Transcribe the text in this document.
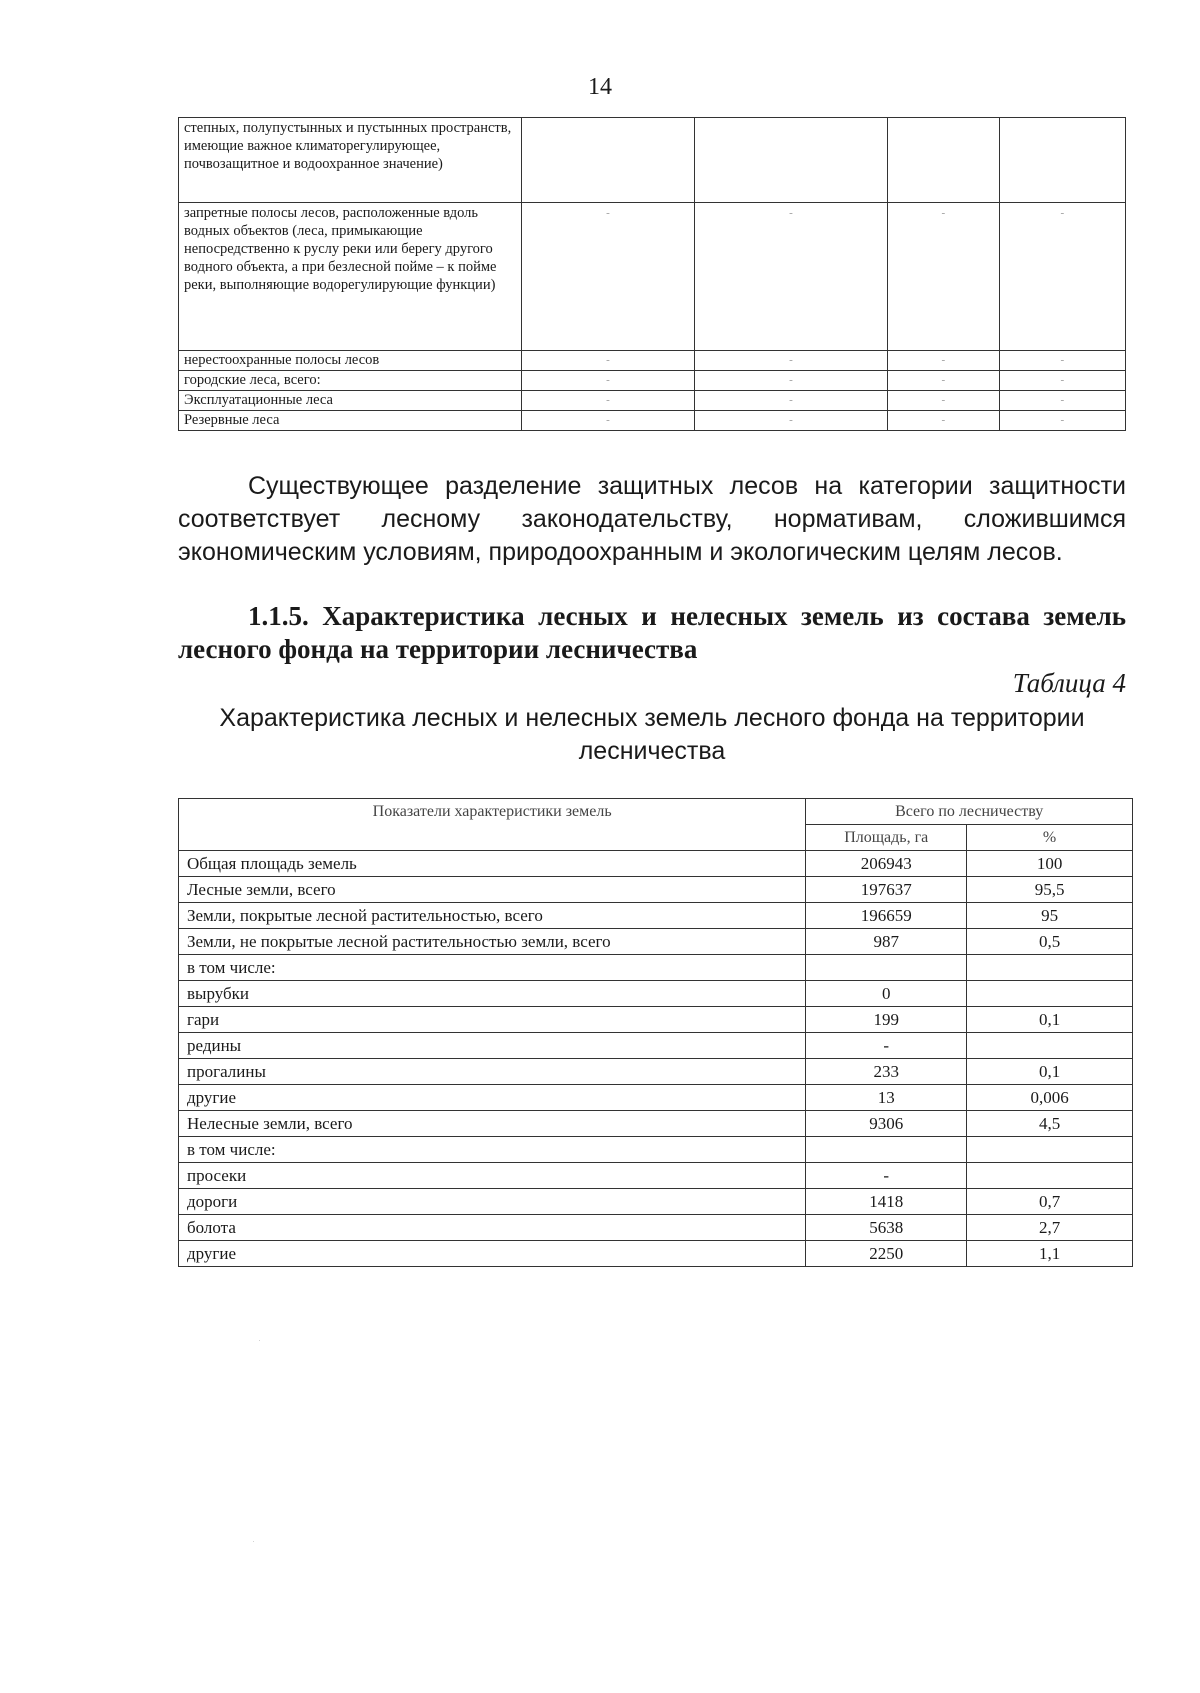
14
степных, полупустынных и пустынных пространств, имеющие важное климаторегулирующее, почвозащитное и водоохранное значение)				
запретные полосы лесов, расположенные вдоль водных объектов (леса, примыкающие непосредственно к руслу реки или берегу другого водного объекта, а при безлесной пойме – к пойме реки, выполняющие водорегулирующие функции)	-	-	-	-
нерестоохранные полосы лесов	-	-	-	-
городские леса, всего:	-	-	-	-
Эксплуатационные леса	-	-	-	-
Резервные леса	-	-	-	-

Существующее разделение защитных лесов на категории защитности соответствует лесному законодательству, нормативам, сложившимся экономическим условиям, природоохранным и экологическим целям лесов.

1.1.5. Характеристика лесных и нелесных земель из состава земель лесного фонда на территории лесничества

Таблица 4

Характеристика лесных и нелесных земель лесного фонда на территории лесничества

Показатели характеристики земель	Всего по лесничеству	
	Площадь, га	%
Общая площадь земель	206943	100
Лесные земли, всего	197637	95,5
Земли, покрытые лесной растительностью, всего	196659	95
Земли, не покрытые лесной растительностью земли, всего	987	0,5
в том числе:		
вырубки	0	
гари	199	0,1
редины	-	
прогалины	233	0,1
другие	13	0,006
Нелесные земли, всего	9306	4,5
в том числе:		
просеки	-	
дороги	1418	0,7
болота	5638	2,7
другие	2250	1,1
·
·
